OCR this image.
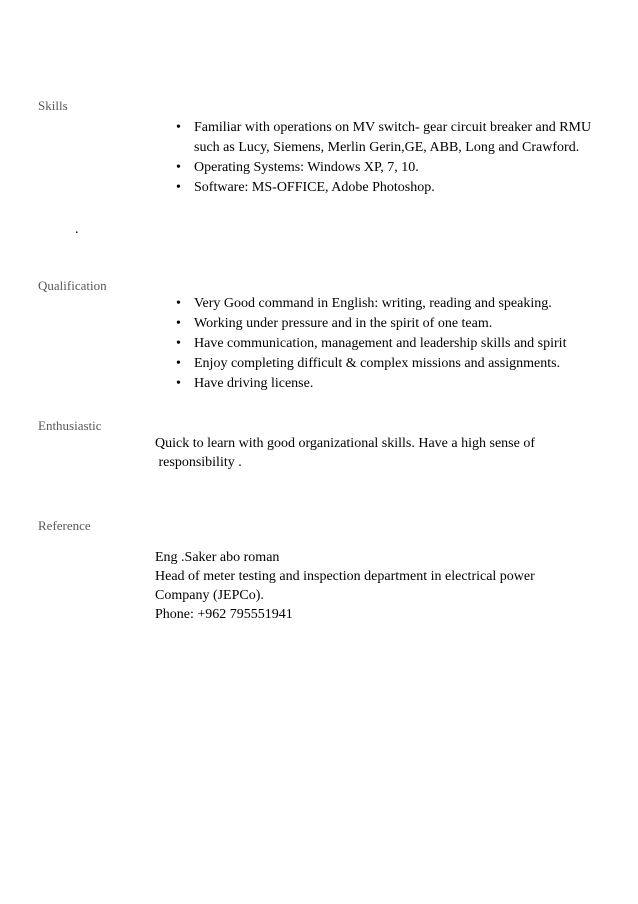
Skills
• Familiar with operations on MV switch- gear circuit breaker and RMU such as Lucy, Siemens, Merlin Gerin,GE, ABB, Long and Crawford.
• Operating Systems: Windows XP, 7, 10.
• Software: MS-OFFICE, Adobe Photoshop.

.

Qualification
• Very Good command in English: writing, reading and speaking.
• Working under pressure and in the spirit of one team.
• Have communication, management and leadership skills and spirit
• Enjoy completing difficult & complex missions and assignments.
• Have driving license.
Enthusiastic
Quick to learn with good organizational skills. Have a high sense of
responsibility .
Reference
Eng .Saker abo roman
Head of meter testing and inspection department in electrical power
Company (JEPCo).
Phone: +962 795551941
